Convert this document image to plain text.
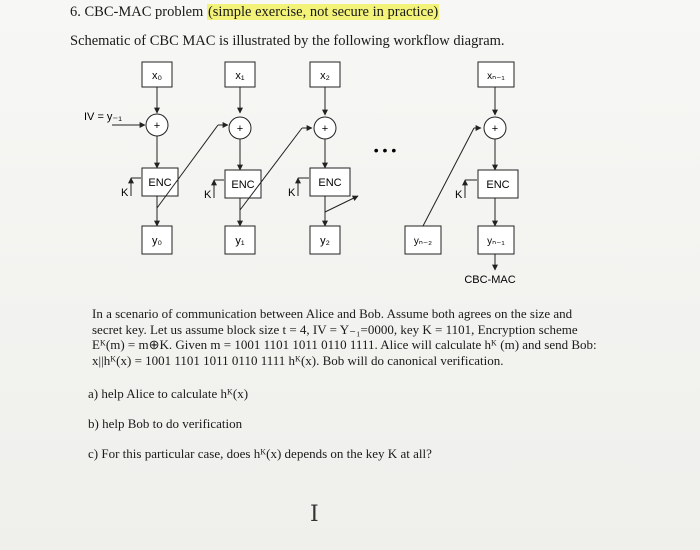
6. CBC-MAC problem (simple exercise, not secure in practice)
Schematic of CBC MAC is illustrated by the following workflow diagram.
x₀	x₁	x₂	xₙ₋₁
IV = y₋₁
+	+	+	+
ENC	ENC	ENC	ENC
K	K	K	K
y₀	y₁	y₂	yₙ₋₂	yₙ₋₁
• • •
CBC-MAC

In a scenario of communication between Alice and Bob. Assume both agrees on the size and

secret key. Let us assume block size t = 4, IV = Y₋₁=0000, key K = 1101, Encryption scheme

Eᴷ(m) = m⊕K. Given m = 1001 1101 1011 0110 1111. Alice will calculate hᴷ (m) and send Bob:

x||hᴷ(x) = 1001 1101 1011 0110 1111 hᴷ(x). Bob will do canonical verification.

a) help Alice to calculate hᴷ(x)
b) help Bob to do verification
c) For this particular case, does hᴷ(x) depends on the key K at all?
I
